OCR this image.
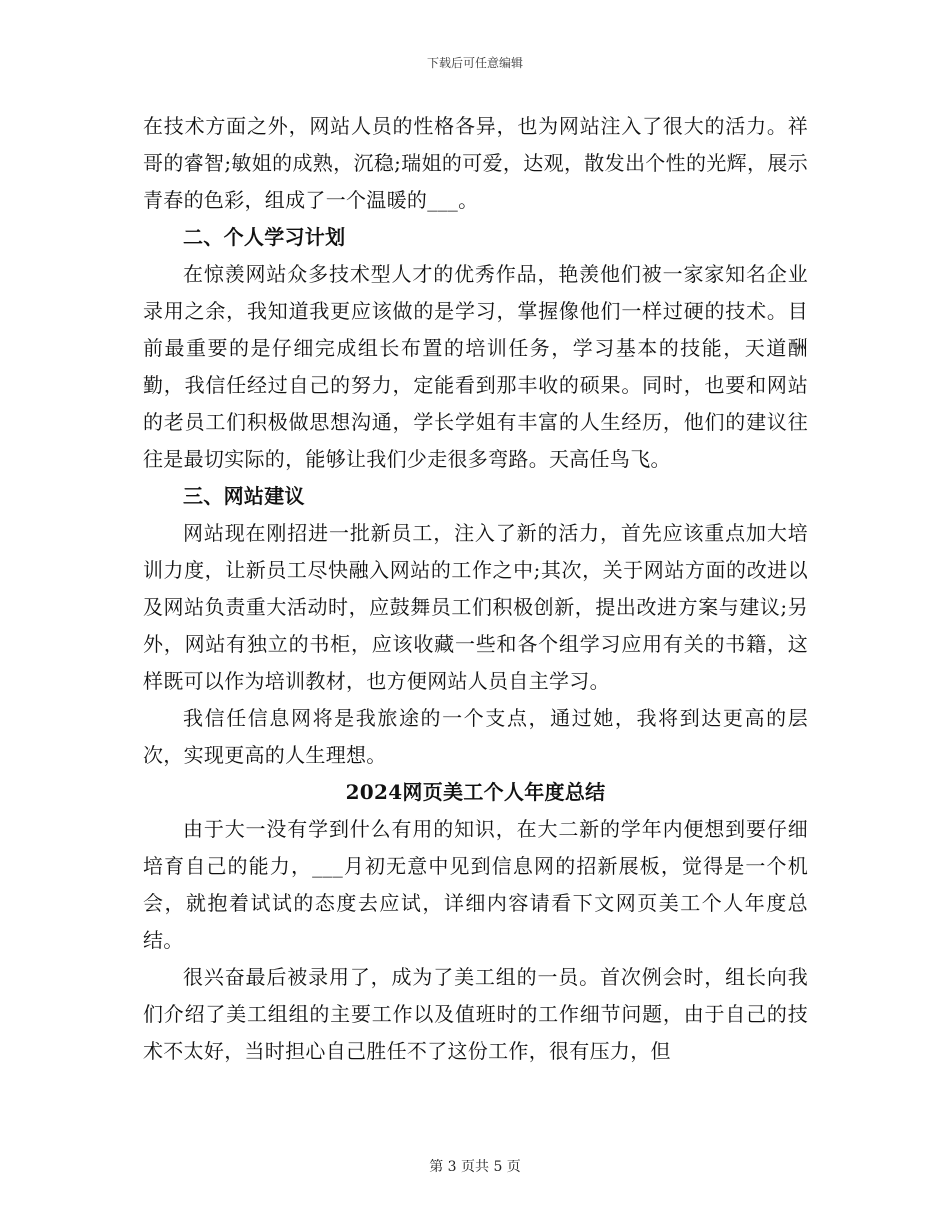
下载后可任意编辑

在技术方面之外，网站人员的性格各异，也为网站注入了很大的活力。祥哥的睿智;敏姐的成熟，沉稳;瑞姐的可爱，达观，散发出个性的光辉，展示青春的色彩，组成了一个温暖的___。

二、个人学习计划

在惊羡网站众多技术型人才的优秀作品，艳羡他们被一家家知名企业录用之余，我知道我更应该做的是学习，掌握像他们一样过硬的技术。目前最重要的是仔细完成组长布置的培训任务，学习基本的技能，天道酬勤，我信任经过自己的努力，定能看到那丰收的硕果。同时，也要和网站的老员工们积极做思想沟通，学长学姐有丰富的人生经历，他们的建议往往是最切实际的，能够让我们少走很多弯路。天高任鸟飞。

三、网站建议

网站现在刚招进一批新员工，注入了新的活力，首先应该重点加大培训力度，让新员工尽快融入网站的工作之中;其次，关于网站方面的改进以及网站负责重大活动时，应鼓舞员工们积极创新，提出改进方案与建议;另外，网站有独立的书柜，应该收藏一些和各个组学习应用有关的书籍，这样既可以作为培训教材，也方便网站人员自主学习。

我信任信息网将是我旅途的一个支点，通过她，我将到达更高的层次，实现更高的人生理想。

2024网页美工个人年度总结

由于大一没有学到什么有用的知识，在大二新的学年内便想到要仔细培育自己的能力，___月初无意中见到信息网的招新展板，觉得是一个机会，就抱着试试的态度去应试，详细内容请看下文网页美工个人年度总结。

很兴奋最后被录用了，成为了美工组的一员。首次例会时，组长向我们介绍了美工组组的主要工作以及值班时的工作细节问题，由于自己的技术不太好，当时担心自己胜任不了这份工作，很有压力，但

第 3 页共 5 页
